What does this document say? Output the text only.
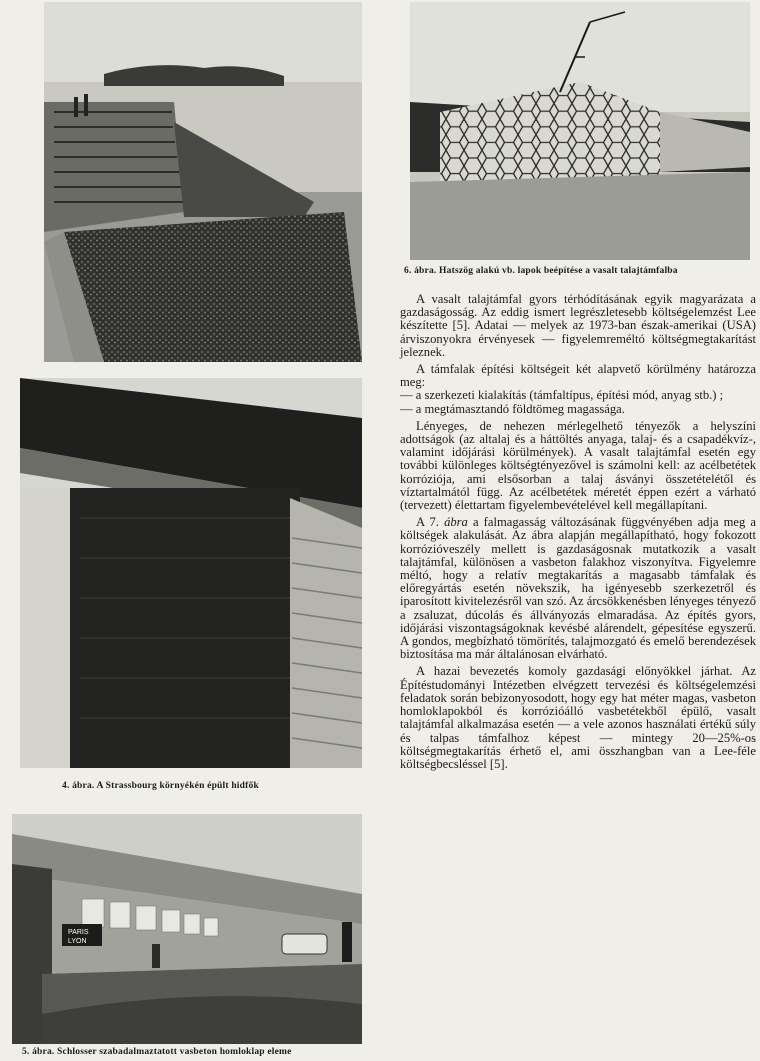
4. ábra. A Strassbourg környékén épült hidfők
PARIS
LYON
5. ábra. Schlosser szabadalmaztatott vasbeton homloklap eleme
6. ábra. Hatszög alakú vb. lapok beépítése a vasalt talajtámfalba

A vasalt talajtámfal gyors térhódításának egyik magyarázata a gazdaságosság. Az eddig ismert legrészletesebb költségelemzést Lee készítette [5]. Adatai — melyek az 1973-ban észak-amerikai (USA) árviszonyokra érvényesek — figyelemreméltó költségmegtakarítást jeleznek.

A támfalak építési költségeit két alapvető körülmény határozza meg:

— a szerkezeti kialakítás (támfaltípus, építési mód, anyag stb.) ;
— a megtámasztandó földtömeg magassága.

Lényeges, de nehezen mérlegelhető tényezők a helyszíni adottságok (az altalaj és a háttöltés anyaga, talaj- és a csapadékvíz-, valamint időjárási körülmények). A vasalt talajtámfal esetén egy további különleges költségtényezővel is számolni kell: az acélbetétek korróziója, ami elsősorban a talaj ásványi összetételétől és víztartalmától függ. Az acélbetétek méretét éppen ezért a várható (tervezett) élettartam figyelembevételével kell megállapítani.

A 7. ábra a falmagasság változásának függvényében adja meg a költségek alakulását. Az ábra alapján megállapítható, hogy fokozott korrózióveszély mellett is gazdaságosnak mutatkozik a vasalt talajtámfal, különösen a vasbeton falakhoz viszonyítva. Figyelemre méltó, hogy a relatív megtakarítás a magasabb támfalak és előregyártás esetén növekszik, ha igényesebb szerkezetről és iparosított kivitelezésről van szó. Az árcsökkenésben lényeges tényező a zsaluzat, dúcolás és állványozás elmaradása. Az építés gyors, időjárási viszontagságoknak kevésbé alárendelt, gépesítése egyszerű. A gondos, megbízható tömörítés, talajmozgató és emelő berendezések biztosítása ma már általánosan elvárható.

A hazai bevezetés komoly gazdasági előnyökkel járhat. Az Építéstudományi Intézetben elvégzett tervezési és költségelemzési feladatok során bebizonyosodott, hogy egy hat méter magas, vasbeton homloklapokból és korrózióálló vasbetétekből épülő, vasalt talajtámfal alkalmazása esetén — a vele azonos használati értékű súly és talpas támfalhoz képest — mintegy 20—25%-os költségmegtakarítás érhető el, ami összhangban van a Lee-féle költségbecsléssel [5].
